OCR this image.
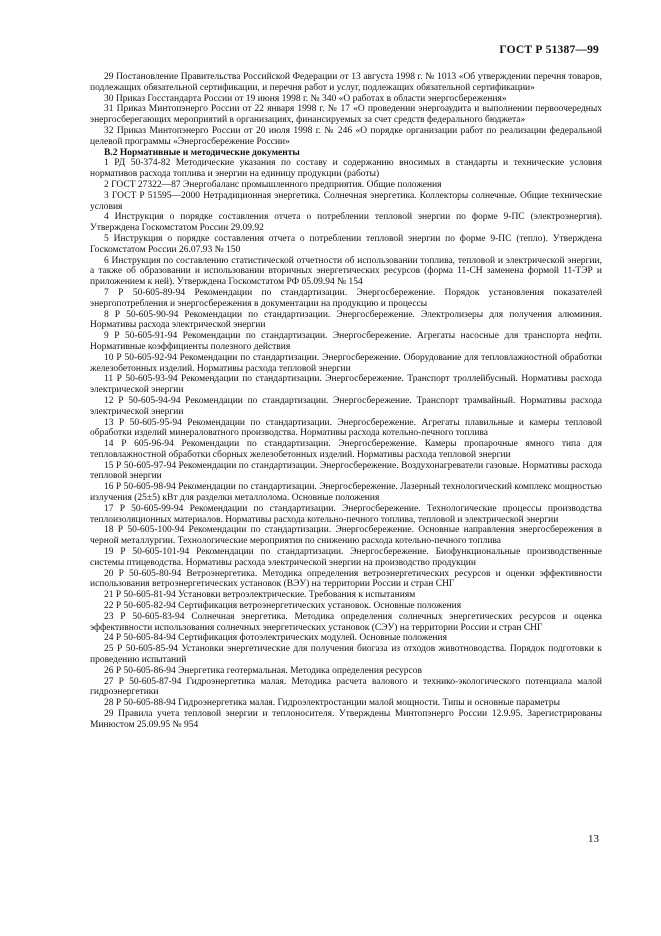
ГОСТ Р 51387—99

29 Постановление Правительства Российской Федерации от 13 августа 1998 г. № 1013 «Об утверждении перечня товаров, подлежащих обязательной сертификации, и перечня работ и услуг, подлежащих обязательной сертификации»

30 Приказ Госстандарта России от 19 июня 1998 г. № 340 «О работах в области энергосбережения»

31 Приказ Минтопэнерго России от 22 января 1998 г. № 17 «О проведении энергоаудита и выполнении первоочередных энергосберегающих мероприятий в организациях, финансируемых за счет средств федерального бюджета»

32 Приказ Минтопэнерго России от 20 июля 1998 г. № 246 «О порядке организации работ по реализации федеральной целевой программы «Энергосбережение России»

В.2 Нормативные и методические документы

1 РД 50-374-82 Методические указания по составу и содержанию вносимых в стандарты и технические условия нормативов расхода топлива и энергии на единицу продукции (работы)

2 ГОСТ 27322—87 Энергобаланс промышленного предприятия. Общие положения

3 ГОСТ Р 51595—2000 Нетрадиционная энергетика. Солнечная энергетика. Коллекторы солнечные. Общие технические условия

4 Инструкция о порядке составления отчета о потреблении тепловой энергии по форме 9-ПС (электроэнергия). Утверждена Госкомстатом России 29.09.92

5 Инструкция о порядке составления отчета о потреблении тепловой энергии по форме 9-ПС (тепло). Утверждена Госкомстатом России 26.07.93 № 150

6 Инструкция по составлению статистической отчетности об использовании топлива, тепловой и электрической энергии, а также об образовании и использовании вторичных энергетических ресурсов (форма 11-СН заменена формой 11-ТЭР и приложением к ней). Утверждена Госкомстатом РФ 05.09.94 № 154

7 Р 50-605-89-94 Рекомендации по стандартизации. Энергосбережение. Порядок установления показателей энергопотребления и энергосбережения в документации на продукцию и процессы

8 Р 50-605-90-94 Рекомендации по стандартизации. Энергосбережение. Электролизеры для получения алюминия. Нормативы расхода электрической энергии

9 Р 50-605-91-94 Рекомендации по стандартизации. Энергосбережение. Агрегаты насосные для транспорта нефти. Нормативные коэффициенты полезного действия

10 Р 50-605-92-94 Рекомендации по стандартизации. Энергосбережение. Оборудование для тепловлажностной обработки железобетонных изделий. Нормативы расхода тепловой энергии

11 Р 50-605-93-94 Рекомендации по стандартизации. Энергосбережение. Транспорт троллейбусный. Нормативы расхода электрической энергии

12 Р 50-605-94-94 Рекомендации по стандартизации. Энергосбережение. Транспорт трамвайный. Нормативы расхода электрической энергии

13 Р 50-605-95-94 Рекомендации по стандартизации. Энергосбережение. Агрегаты плавильные и камеры тепловой обработки изделий минераловатного производства. Нормативы расхода котельно-печного топлива

14 Р 605-96-94 Рекомендации по стандартизации. Энергосбережение. Камеры пропарочные ямного типа для тепловлажностной обработки сборных железобетонных изделий. Нормативы расхода тепловой энергии

15 Р 50-605-97-94 Рекомендации по стандартизации. Энергосбережение. Воздухонагреватели газовые. Нормативы расхода тепловой энергии

16 Р 50-605-98-94 Рекомендации по стандартизации. Энергосбережение. Лазерный технологический комплекс мощностью излучения (25±5) кВт для разделки металлолома. Основные положения

17 Р 50-605-99-94 Рекомендации по стандартизации. Энергосбережение. Технологические процессы производства теплоизоляционных материалов. Нормативы расхода котельно-печного топлива, тепловой и электрической энергии

18 Р 50-605-100-94 Рекомендации по стандартизации. Энергосбережение. Основные направления энергосбережения в черной металлургии. Технологические мероприятия по снижению расхода котельно-печного топлива

19 Р 50-605-101-94 Рекомендации по стандартизации. Энергосбережение. Биофункциональные производственные системы птицеводства. Нормативы расхода электрической энергии на производство продукции

20 Р 50-605-80-94 Ветроэнергетика. Методика определения ветроэнергетических ресурсов и оценки эффективности использования ветроэнергетических установок (ВЭУ) на территории России и стран СНГ

21 Р 50-605-81-94 Установки ветроэлектрические. Требования к испытаниям

22 Р 50-605-82-94 Сертификация ветроэнергетических установок. Основные положения

23 Р 50-605-83-94 Солнечная энергетика. Методика определения солнечных энергетических ресурсов и оценка эффективности использования солнечных энергетических установок (СЭУ) на территории России и стран СНГ

24 Р 50-605-84-94 Сертификация фотоэлектрических модулей. Основные положения

25 Р 50-605-85-94 Установки энергетические для получения биогаза из отходов животноводства. Порядок подготовки к проведению испытаний

26 Р 50-605-86-94 Энергетика геотермальная. Методика определения ресурсов

27 Р 50-605-87-94 Гидроэнергетика малая. Методика расчета валового и технико-экологического потенциала малой гидроэнергетики

28 Р 50-605-88-94 Гидроэнергетика малая. Гидроэлектростанции малой мощности. Типы и основные параметры

29 Правила учета тепловой энергии и теплоносителя. Утверждены Минтопэнерго России 12.9.95. Зарегистрированы Минюстом 25.09.95 № 954

13
